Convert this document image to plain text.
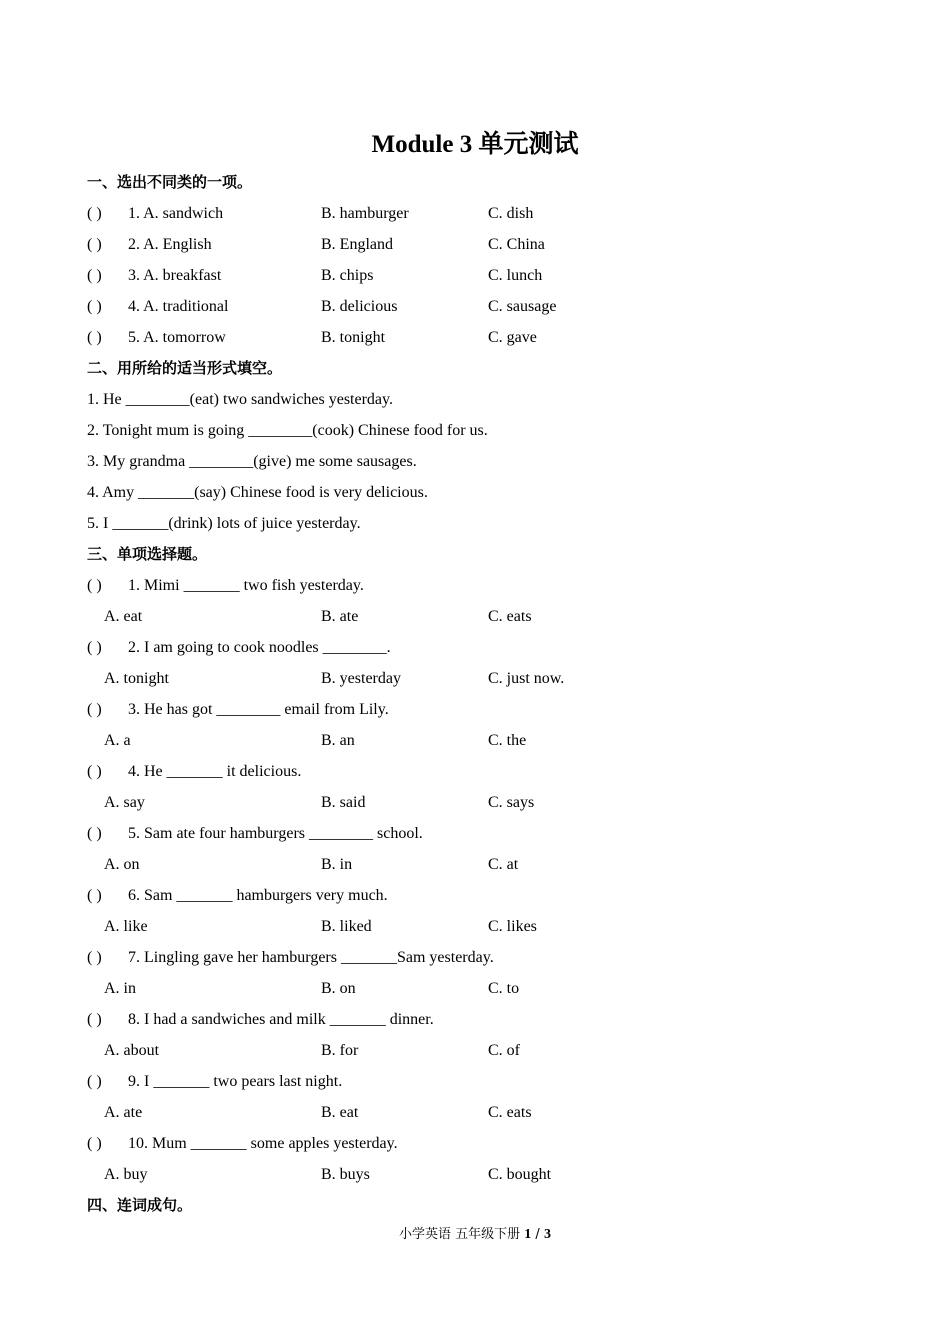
Module 3 单元测试
一、选出不同类的一项。
( ) 1. A. sandwich	B. hamburger	C. dish
( ) 2. A. English	B. England	C. China
( ) 3. A. breakfast	B. chips	C. lunch
( ) 4. A. traditional	B. delicious	C. sausage
( ) 5. A. tomorrow	B. tonight	C. gave
二、用所给的适当形式填空。
1. He ________(eat) two sandwiches yesterday.
2. Tonight mum is going ________(cook) Chinese food for us.
3. My grandma ________(give) me some sausages.
4. Amy _______(say) Chinese food is very delicious.
5. I _______(drink) lots of juice yesterday.
三、单项选择题。
( ) 1. Mimi _______ two fish yesterday.
A. eat	B. ate	C. eats
( ) 2. I am going to cook noodles ________.
A. tonight	B. yesterday	C. just now.
( ) 3. He has got ________ email from Lily.
A. a	B. an	C. the
( ) 4. He _______ it delicious.
A. say	B. said	C. says
( ) 5. Sam ate four hamburgers ________ school.
A. on	B. in	C. at
( ) 6. Sam _______ hamburgers very much.
A. like	B. liked	C. likes
( ) 7. Lingling gave her hamburgers _______Sam yesterday.
A. in	B. on	C. to
( ) 8. I had a sandwiches and milk _______ dinner.
A. about	B. for	C. of
( ) 9. I _______ two pears last night.
A. ate	B. eat	C. eats
( ) 10. Mum _______ some apples yesterday.
A. buy	B. buys	C. bought
四、连词成句。
小学英语 五年级下册 1 / 3
